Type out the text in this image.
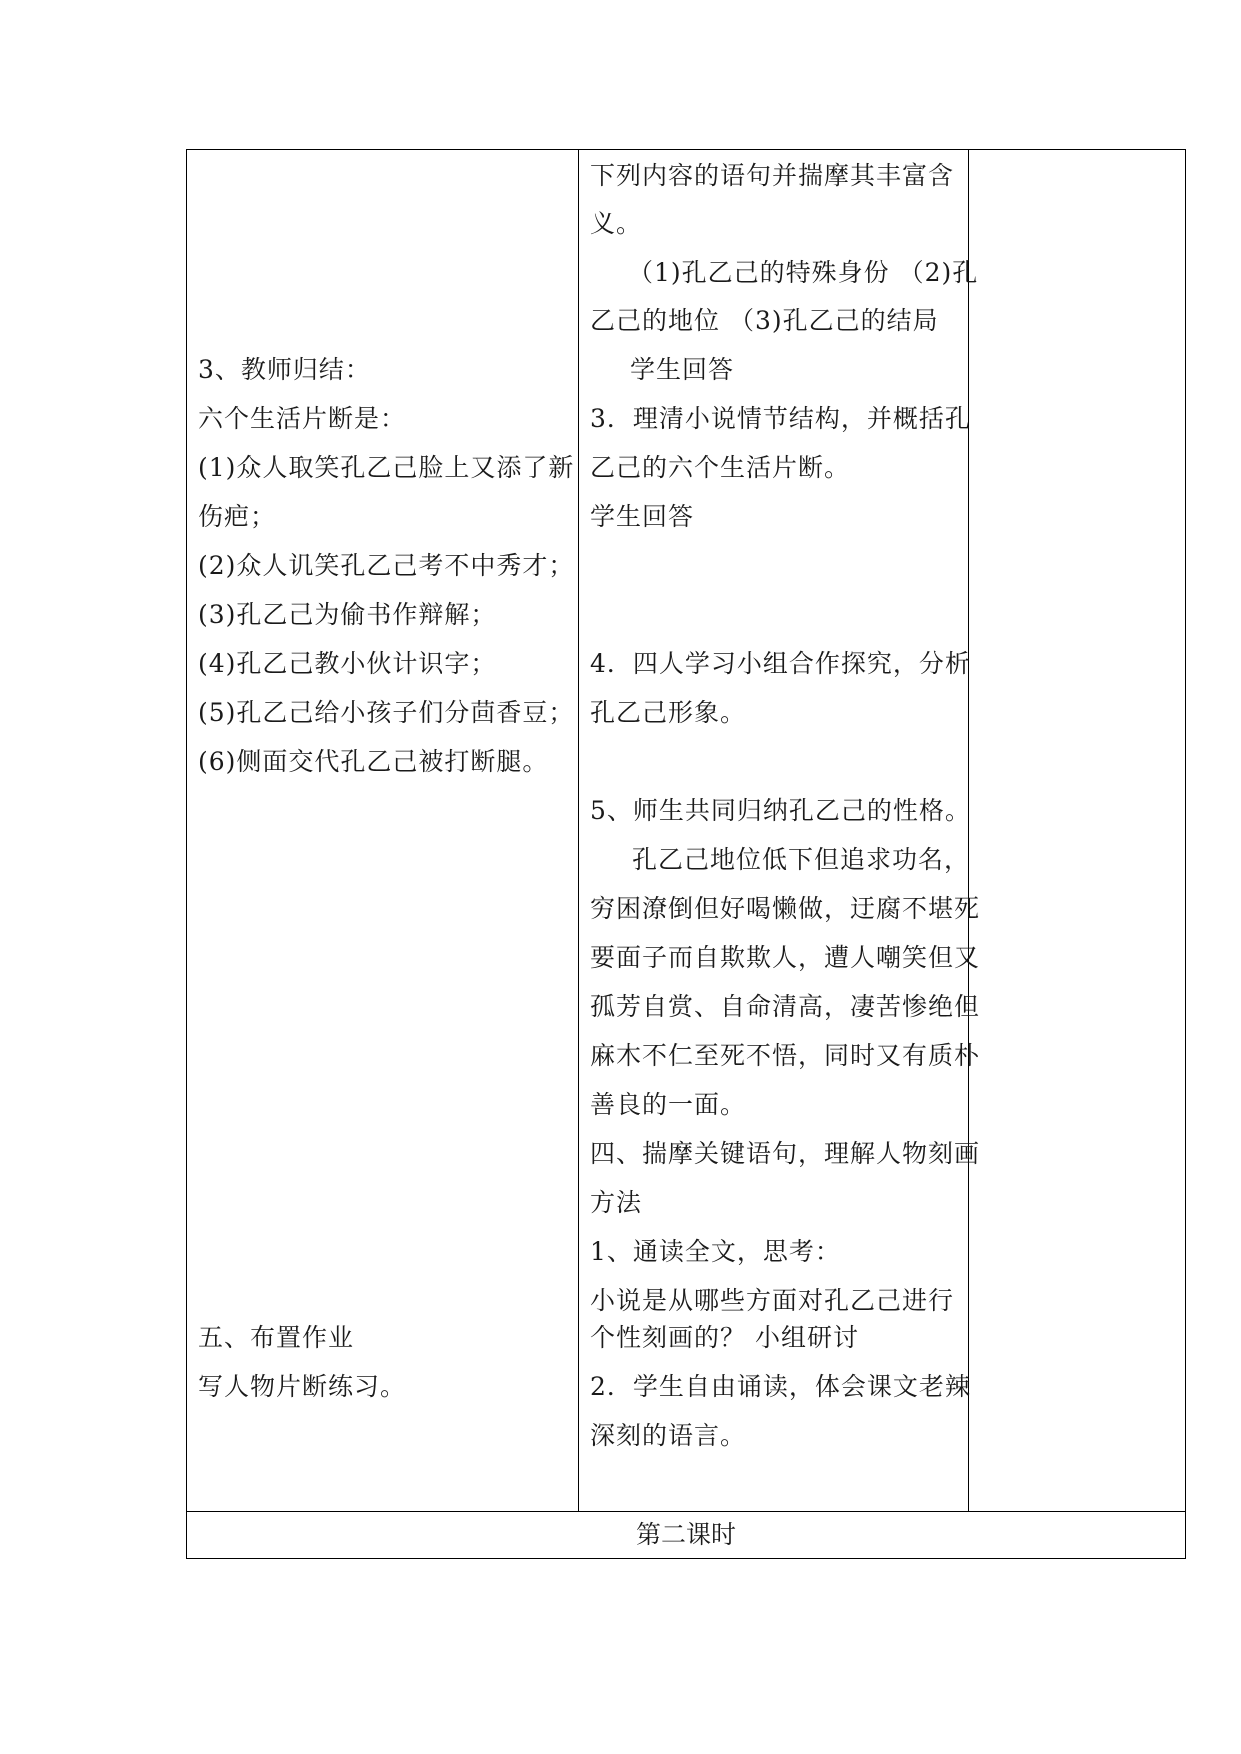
3、教师归结：
六个生活片断是：
(1)众人取笑孔乙己脸上又添了新
伤疤；
(2)众人讥笑孔乙己考不中秀才；
(3)孔乙己为偷书作辩解；
(4)孔乙己教小伙计识字；
(5)孔乙己给小孩子们分茴香豆；
(6)侧面交代孔乙己被打断腿。
五、布置作业
写人物片断练习。
下列内容的语句并揣摩其丰富含
义。
（1)孔乙己的特殊身份 （2)孔
乙己的地位 （3)孔乙己的结局
学生回答
3．理清小说情节结构，并概括孔
乙己的六个生活片断。
学生回答
4．四人学习小组合作探究，分析
孔乙己形象。
5、师生共同归纳孔乙己的性格。
孔乙己地位低下但追求功名，
穷困潦倒但好喝懒做，迂腐不堪死
要面子而自欺欺人，遭人嘲笑但又
孤芳自赏、自命清高，凄苦惨绝但
麻木不仁至死不悟，同时又有质朴
善良的一面。
四、揣摩关键语句，理解人物刻画
方法
1、通读全文，思考：
小说是从哪些方面对孔乙己进行
个性刻画的？ 小组研讨
2．学生自由诵读，体会课文老辣
深刻的语言。
第二课时
